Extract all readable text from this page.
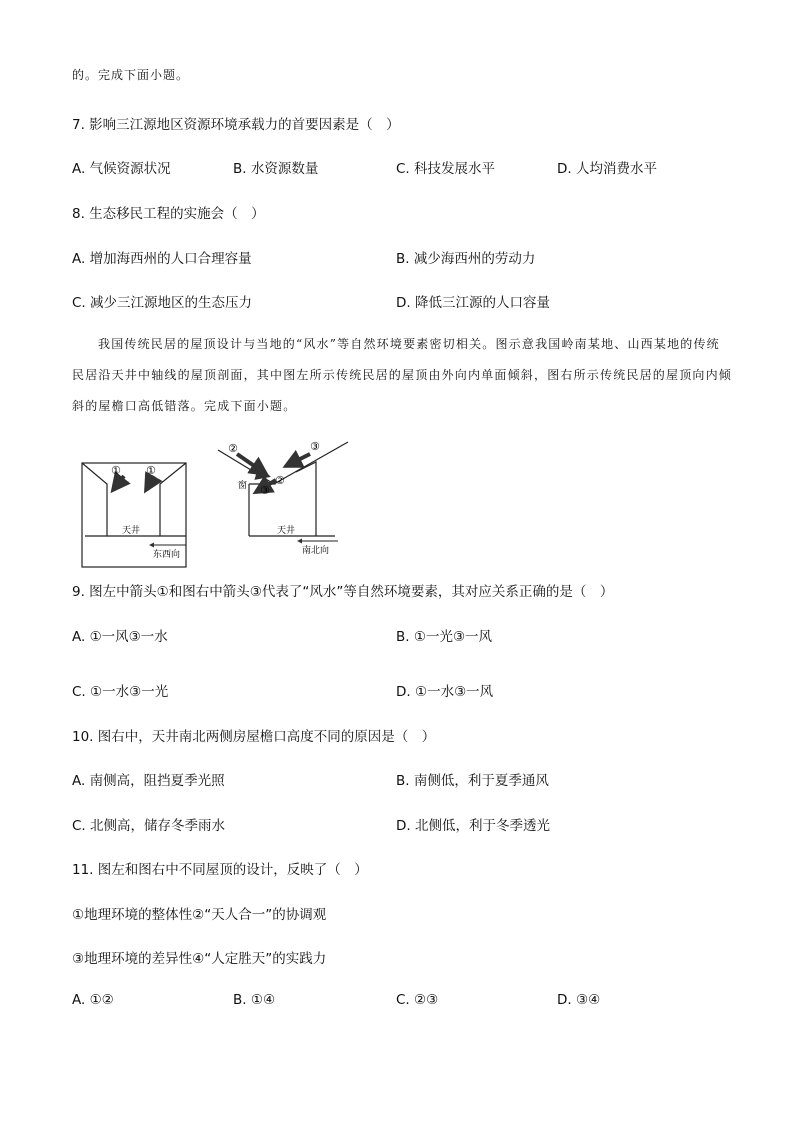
的。完成下面小题。
7. 影响三江源地区资源环境承载力的首要因素是（　）
A. 气候资源状况	B. 水资源数量	C. 科技发展水平	D. 人均消费水平
8. 生态移民工程的实施会（　）
A. 增加海西州的人口合理容量	B. 减少海西州的劳动力
C. 减少三江源地区的生态压力	D. 降低三江源的人口容量
我国传统民居的屋顶设计与当地的“风水”等自然环境要素密切相关。图示意我国岭南某地、山西某地的传统民居沿天井中轴线的屋顶剖面，其中图左所示传统民居的屋顶由外向内单面倾斜，图右所示传统民居的屋顶向内倾斜的屋檐口高低错落。完成下面小题。
① ①
天井
东西向
②	③
②
③
窗
天井
南北向
9. 图左中箭头①和图右中箭头③代表了“风水”等自然环境要素，其对应关系正确的是（　）
A. ①一风③一水	B. ①一光③一风
C. ①一水③一光	D. ①一水③一风
10. 图右中，天井南北两侧房屋檐口高度不同的原因是（　）
A. 南侧高，阻挡夏季光照	B. 南侧低，利于夏季通风
C. 北侧高，储存冬季雨水	D. 北侧低，利于冬季透光
11. 图左和图右中不同屋顶的设计，反映了（　）
①地理环境的整体性②“天人合一”的协调观
③地理环境的差异性④“人定胜天”的实践力
A. ①②	B. ①④	C. ②③	D. ③④
